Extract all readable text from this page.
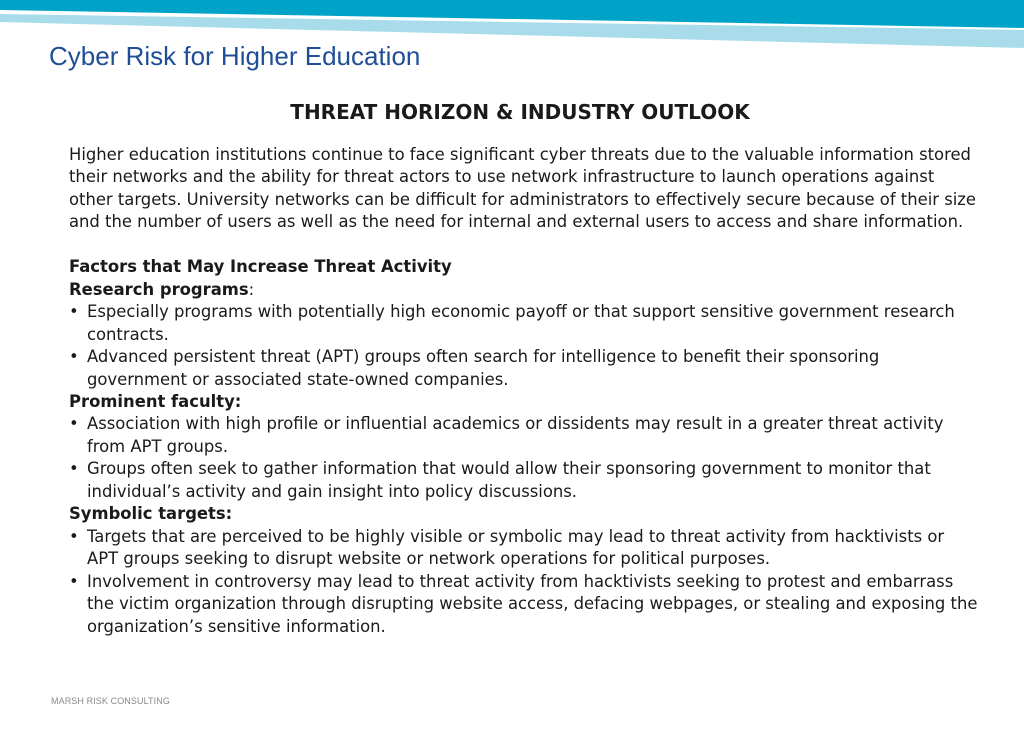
Cyber Risk for Higher Education
THREAT HORIZON & INDUSTRY OUTLOOK

Higher education institutions continue to face significant cyber threats due to the valuable information stored their networks and the ability for threat actors to use network infrastructure to launch operations against other targets. University networks can be difficult for administrators to effectively secure because of their size and the number of users as well as the need for internal and external users to access and share information.

Factors that May Increase Threat Activity

Research programs:

• Especially programs with potentially high economic payoff or that support sensitive government research contracts.
• Advanced persistent threat (APT) groups often search for intelligence to benefit their sponsoring government or associated state-owned companies.

Prominent faculty:

• Association with high profile or influential academics or dissidents may result in a greater threat activity from APT groups.
• Groups often seek to gather information that would allow their sponsoring government to monitor that individual’s activity and gain insight into policy discussions.

Symbolic targets:

• Targets that are perceived to be highly visible or symbolic may lead to threat activity from hacktivists or APT groups seeking to disrupt website or network operations for political purposes.
• Involvement in controversy may lead to threat activity from hacktivists seeking to protest and embarrass the victim organization through disrupting website access, defacing webpages, or stealing and exposing the organization’s sensitive information.
MARSH RISK CONSULTING
